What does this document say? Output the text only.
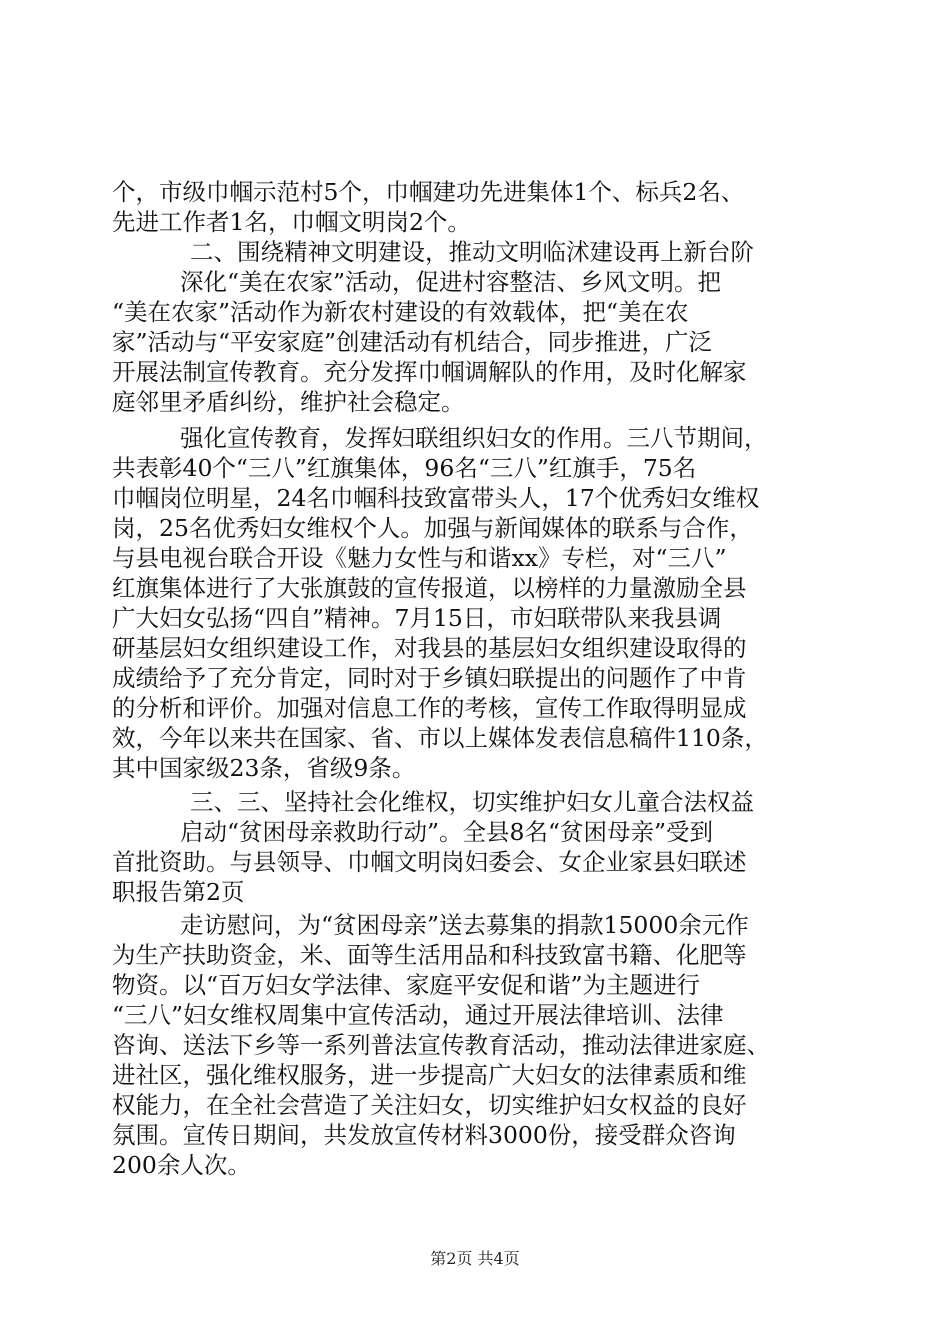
个，市级巾帼示范村5个，巾帼建功先进集体1个、标兵2名、
先进工作者1名，巾帼文明岗2个。
二、围绕精神文明建设，推动文明临沭建设再上新台阶
深化“美在农家”活动，促进村容整洁、乡风文明。把
“美在农家”活动作为新农村建设的有效载体，把“美在农
家”活动与“平安家庭”创建活动有机结合，同步推进，广泛
开展法制宣传教育。充分发挥巾帼调解队的作用，及时化解家
庭邻里矛盾纠纷，维护社会稳定。
强化宣传教育，发挥妇联组织妇女的作用。三八节期间，
共表彰40个“三八”红旗集体，96名“三八”红旗手，75名
巾帼岗位明星，24名巾帼科技致富带头人，17个优秀妇女维权
岗，25名优秀妇女维权个人。加强与新闻媒体的联系与合作，
与县电视台联合开设《魅力女性与和谐xx》专栏，对“三八”
红旗集体进行了大张旗鼓的宣传报道，以榜样的力量激励全县
广大妇女弘扬“四自”精神。7月15日，市妇联带队来我县调
研基层妇女组织建设工作，对我县的基层妇女组织建设取得的
成绩给予了充分肯定，同时对于乡镇妇联提出的问题作了中肯
的分析和评价。加强对信息工作的考核，宣传工作取得明显成
效，今年以来共在国家、省、市以上媒体发表信息稿件110条，
其中国家级23条，省级9条。
三、三、坚持社会化维权，切实维护妇女儿童合法权益
启动“贫困母亲救助行动”。全县8名“贫困母亲”受到
首批资助。与县领导、巾帼文明岗妇委会、女企业家县妇联述
职报告第2页
走访慰问，为“贫困母亲”送去募集的捐款15000余元作
为生产扶助资金，米、面等生活用品和科技致富书籍、化肥等
物资。以“百万妇女学法律、家庭平安促和谐”为主题进行
“三八”妇女维权周集中宣传活动，通过开展法律培训、法律
咨询、送法下乡等一系列普法宣传教育活动，推动法律进家庭、
进社区，强化维权服务，进一步提高广大妇女的法律素质和维
权能力，在全社会营造了关注妇女，切实维护妇女权益的良好
氛围。宣传日期间，共发放宣传材料3000份，接受群众咨询
200余人次。
第2页 共4页
